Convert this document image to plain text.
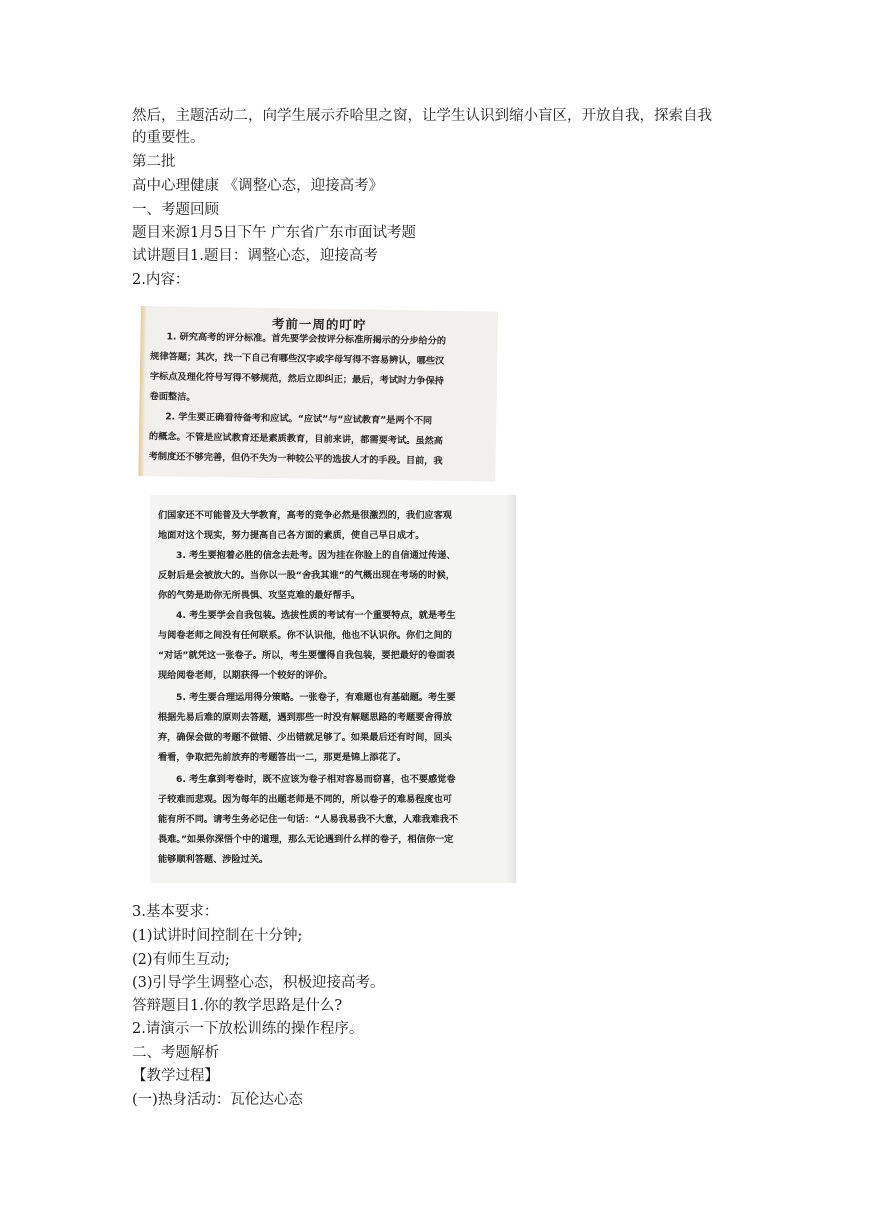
然后，主题活动二，向学生展示乔哈里之窗，让学生认识到缩小盲区，开放自我，探索自我
的重要性。
第二批
高中心理健康 《调整心态，迎接高考》
一、考题回顾
题目来源1月5日下午 广东省广东市面试考题
试讲题目1.题目：调整心态，迎接高考
2.内容：
考前一周的叮咛
1. 研究高考的评分标准。首先要学会按评分标准所揭示的分步给分的
规律答题；其次，找一下自己有哪些汉字或字母写得不容易辨认，哪些汉
字标点及理化符号写得不够规范，然后立即纠正；最后，考试时力争保持
卷面整洁。
2. 学生要正确看待备考和应试。“应试”与“应试教育”是两个不同
的概念。不管是应试教育还是素质教育，目前来讲，都需要考试。虽然高
考制度还不够完善，但仍不失为一种较公平的选拔人才的手段。目前，我
们国家还不可能普及大学教育，高考的竞争必然是很激烈的，我们应客观
地面对这个现实，努力提高自己各方面的素质，使自己早日成才。
3. 考生要抱着必胜的信念去赴考。因为挂在你脸上的自信通过传递、
反射后是会被放大的。当你以一股“舍我其谁”的气概出现在考场的时候，
你的气势是助你无所畏惧、攻坚克难的最好帮手。
4. 考生要学会自我包装。选拔性质的考试有一个重要特点，就是考生
与阅卷老师之间没有任何联系。你不认识他，他也不认识你。你们之间的
“对话”就凭这一张卷子。所以，考生要懂得自我包装，要把最好的卷面表
现给阅卷老师，以期获得一个较好的评价。
5. 考生要合理运用得分策略。一张卷子，有难题也有基础题。考生要
根据先易后难的原则去答题，遇到那些一时没有解题思路的考题要舍得放
弃，确保会做的考题不做错、少出错就足够了。如果最后还有时间，回头
看看，争取把先前放弃的考题答出一二，那更是锦上添花了。
6. 考生拿到考卷时，既不应该为卷子相对容易而窃喜，也不要感觉卷
子较难而悲观。因为每年的出题老师是不同的，所以卷子的难易程度也可
能有所不同。请考生务必记住一句话：“人易我易我不大意，人难我难我不
畏难。”如果你深悟个中的道理，那么无论遇到什么样的卷子，相信你一定
能够顺利答题、涉险过关。
3.基本要求：
(1)试讲时间控制在十分钟;
(2)有师生互动;
(3)引导学生调整心态，积极迎接高考。
答辩题目1.你的教学思路是什么?
2.请演示一下放松训练的操作程序。
二、考题解析
【教学过程】
(一)热身活动：瓦伦达心态
